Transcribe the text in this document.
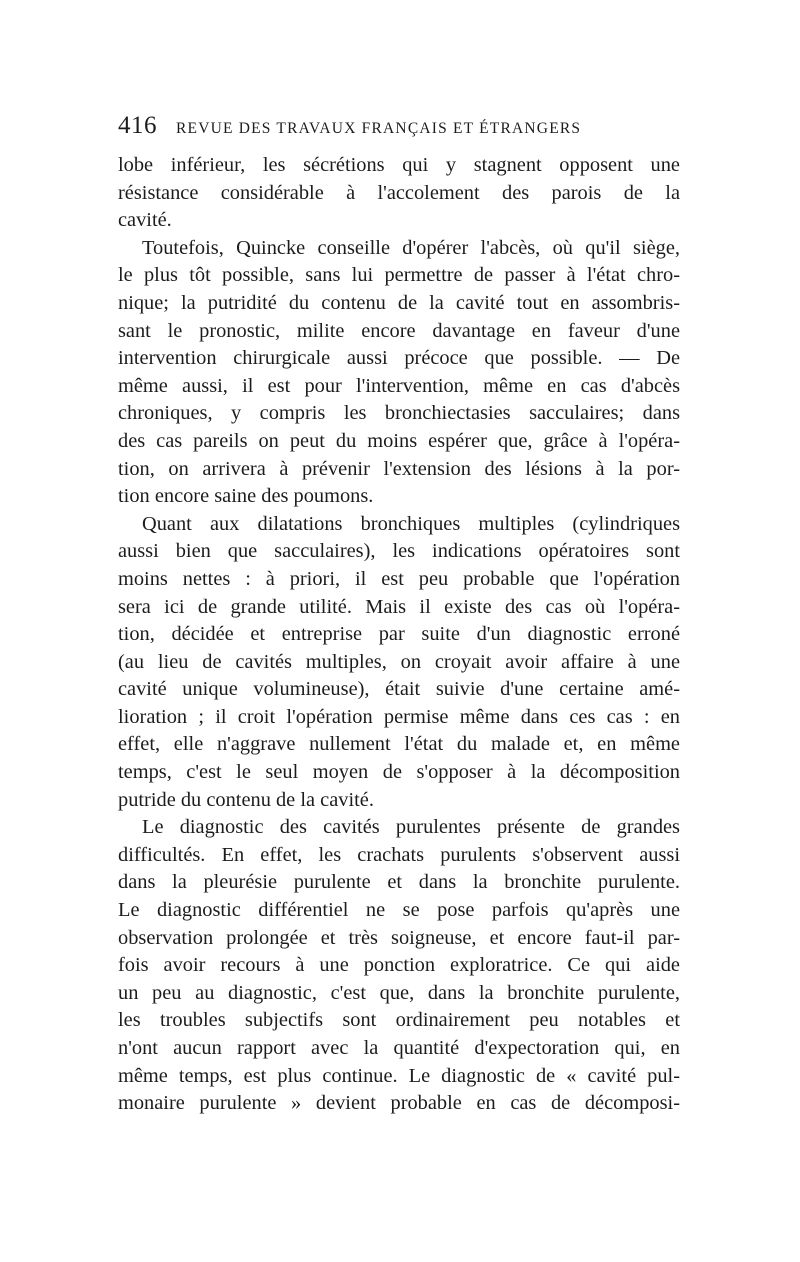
416	REVUE DES TRAVAUX FRANÇAIS ET ÉTRANGERS
lobe inférieur, les sécrétions qui y stagnent opposent une
résistance considérable à l'accolement des parois de la
cavité.
Toutefois, Quincke conseille d'opérer l'abcès, où qu'il siège,
le plus tôt possible, sans lui permettre de passer à l'état chro-
nique; la putridité du contenu de la cavité tout en assombris-
sant le pronostic, milite encore davantage en faveur d'une
intervention chirurgicale aussi précoce que possible. — De
même aussi, il est pour l'intervention, même en cas d'abcès
chroniques, y compris les bronchiectasies sacculaires; dans
des cas pareils on peut du moins espérer que, grâce à l'opéra-
tion, on arrivera à prévenir l'extension des lésions à la por-
tion encore saine des poumons.
Quant aux dilatations bronchiques multiples (cylindriques
aussi bien que sacculaires), les indications opératoires sont
moins nettes : à priori, il est peu probable que l'opération
sera ici de grande utilité. Mais il existe des cas où l'opéra-
tion, décidée et entreprise par suite d'un diagnostic erroné
(au lieu de cavités multiples, on croyait avoir affaire à une
cavité unique volumineuse), était suivie d'une certaine amé-
lioration ; il croit l'opération permise même dans ces cas : en
effet, elle n'aggrave nullement l'état du malade et, en même
temps, c'est le seul moyen de s'opposer à la décomposition
putride du contenu de la cavité.
Le diagnostic des cavités purulentes présente de grandes
difficultés. En effet, les crachats purulents s'observent aussi
dans la pleurésie purulente et dans la bronchite purulente.
Le diagnostic différentiel ne se pose parfois qu'après une
observation prolongée et très soigneuse, et encore faut-il par-
fois avoir recours à une ponction exploratrice. Ce qui aide
un peu au diagnostic, c'est que, dans la bronchite purulente,
les troubles subjectifs sont ordinairement peu notables et
n'ont aucun rapport avec la quantité d'expectoration qui, en
même temps, est plus continue. Le diagnostic de « cavité pul-
monaire purulente » devient probable en cas de décomposi-
